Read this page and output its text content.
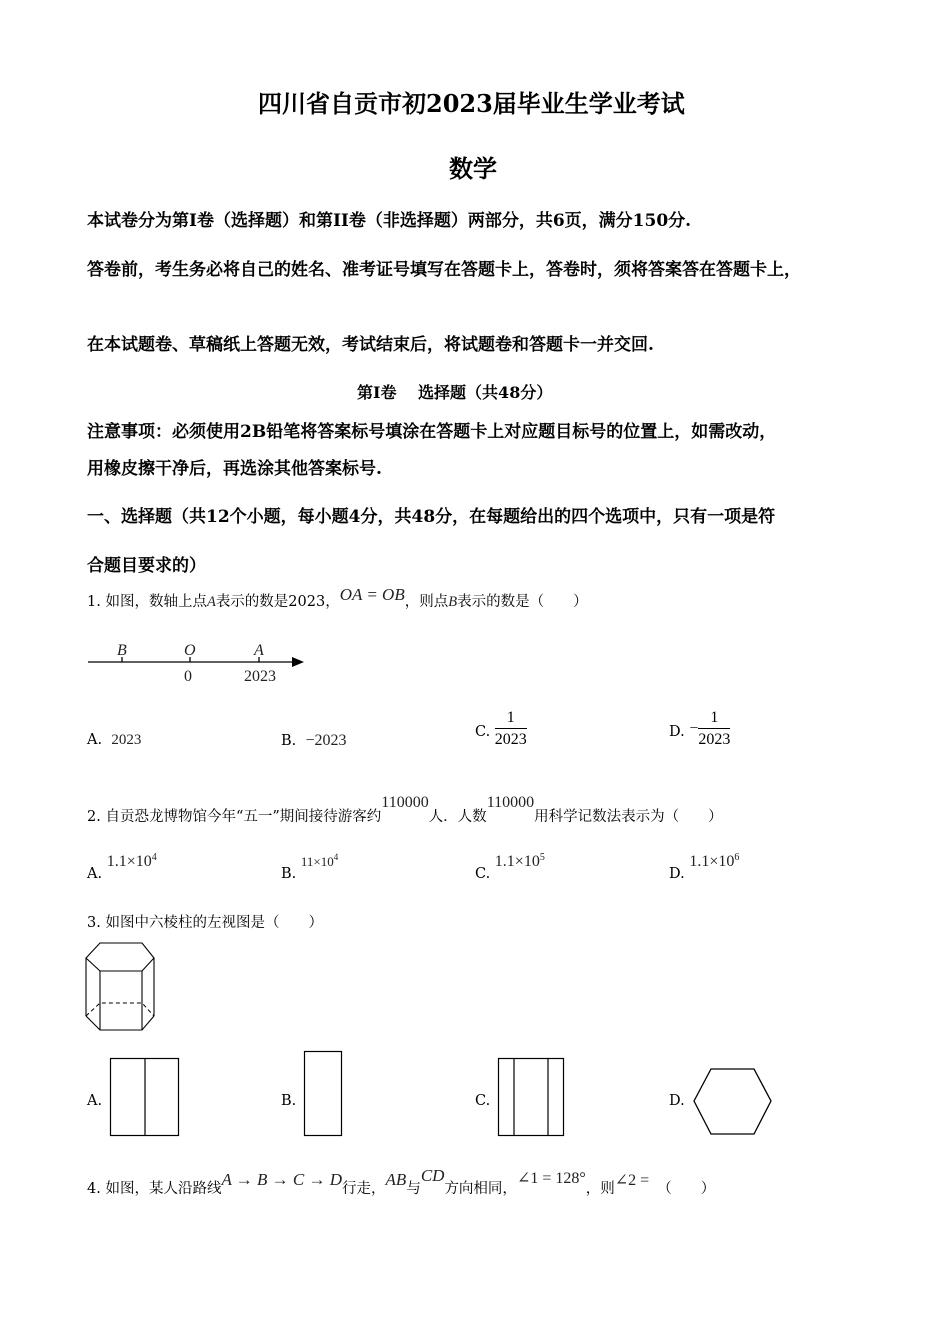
四川省自贡市初2023届毕业生学业考试
数学
本试卷分为第I卷（选择题）和第II卷（非选择题）两部分，共6页，满分150分.
答卷前，考生务必将自己的姓名、准考证号填写在答题卡上，答卷时，须将答案答在答题卡上，
在本试题卷、草稿纸上答题无效，考试结束后，将试题卷和答题卡一并交回.
第I卷　 选择题（共48分）
注意事项：必须使用2B铅笔将答案标号填涂在答题卡上对应题目标号的位置上，如需改动，
用橡皮擦干净后，再选涂其他答案标号.
一、选择题（共12个小题，每小题4分，共48分，在每题给出的四个选项中，只有一项是符
合题目要求的）
1. 如图，数轴上点A表示的数是2023，OA = OB，则点B表示的数是（　　）
B	O	A
0	2023
A. 2023	B. −2023
C. $\frac{1}{2023}$	D. − $\frac{1}{2023}$
2. 自贡恐龙博物馆今年“五一”期间接待游客约110000人．人数110000用科学记数法表示为（　　）
A. $1.1\times 10^4$
B. $11\times 10^4$
C. $1.1\times 10^5$
D. $1.1\times 10^6$
3. 如图中六棱柱的左视图是（　　）
A.	B.	C.	D.
4. 如图，某人沿路线A → B → C → D行走，AB与CD方向相同，∠1 = 128°，则∠2 = （　　）
